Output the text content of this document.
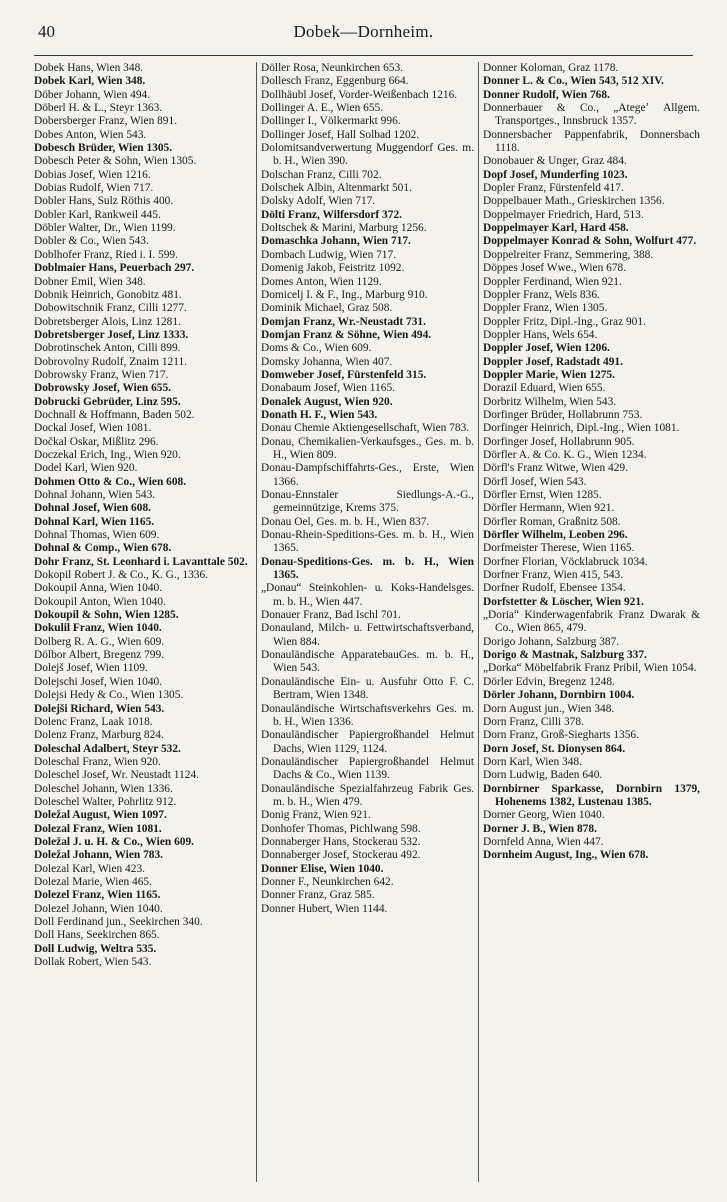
40	Dobek—Dornheim.

Dobek Hans, Wien 348.

Dobek Karl, Wien 348.

Döber Johann, Wien 494.

Döberl H. & L., Steyr 1363.

Dobersberger Franz, Wien 891.

Dobes Anton, Wien 543.

Dobesch Brüder, Wien 1305.

Dobesch Peter & Sohn, Wien 1305.

Dobias Josef, Wien 1216.

Dobias Rudolf, Wien 717.

Dobler Hans, Sulz Röthis 400.

Dobler Karl, Rankweil 445.

Döbler Walter, Dr., Wien 1199.

Dobler & Co., Wien 543.

Doblhofer Franz, Ried i. I. 599.

Doblmaier Hans, Peuerbach 297.

Dobner Emil, Wien 348.

Dobnik Heinrich, Gonobitz 481.

Dobowitschnik Franz, Cilli 1277.

Dobretsberger Alois, Linz 1281.

Dobretsberger Josef, Linz 1333.

Dobrotinschek Anton, Cilli 899.

Dobrovolny Rudolf, Znaim 1211.

Dobrowsky Franz, Wien 717.

Dobrowsky Josef, Wien 655.

Dobrucki Gebrüder, Linz 595.

Dochnall & Hoffmann, Baden 502.

Dockal Josef, Wien 1081.

Dočkal Oskar, Mißlitz 296.

Doczekal Erich, Ing., Wien 920.

Dodel Karl, Wien 920.

Dohmen Otto & Co., Wien 608.

Dohnal Johann, Wien 543.

Dohnal Josef, Wien 608.

Dohnal Karl, Wien 1165.

Dohnal Thomas, Wien 609.

Dohnal & Comp., Wien 678.

Dohr Franz, St. Leonhard i. Lavanttale 502.

Dokopil Robert J. & Co., K. G., 1336.

Dokoupil Anna, Wien 1040.

Dokoupil Anton, Wien 1040.

Dokoupil & Sohn, Wien 1285.

Dokulil Franz, Wien 1040.

Dolberg R. A. G., Wien 609.

Dölbor Albert, Bregenz 799.

Dolejš Josef, Wien 1109.

Dolejschi Josef, Wien 1040.

Dolejsi Hedy & Co., Wien 1305.

Dolejši Richard, Wien 543.

Dolenc Franz, Laak 1018.

Dolenz Franz, Marburg 824.

Doleschal Adalbert, Steyr 532.

Doleschal Franz, Wien 920.

Doleschel Josef, Wr. Neustadt 1124.

Doleschel Johann, Wien 1336.

Doleschel Walter, Pohrlitz 912.

Doležal August, Wien 1097.

Dolezal Franz, Wien 1081.

Doležal J. u. H. & Co., Wien 609.

Doležal Johann, Wien 783.

Dolezal Karl, Wien 423.

Dolezal Marie, Wien 465.

Dolezel Franz, Wien 1165.

Dolezel Johann, Wien 1040.

Doll Ferdinand jun., Seekirchen 340.

Doll Hans, Seekirchen 865.

Doll Ludwig, Weltra 535.

Dollak Robert, Wien 543.

Döller Rosa, Neunkirchen 653.

Dollesch Franz, Eggenburg 664.

Dollhäubl Josef, Vorder-Weißenbach 1216.

Dollinger A. E., Wien 655.

Dollinger I., Völkermarkt 996.

Dollinger Josef, Hall Solbad 1202.

Dolomitsandverwertung Muggendorf Ges. m. b. H., Wien 390.

Dolschan Franz, Cilli 702.

Dolschek Albin, Altenmarkt 501.

Dolsky Adolf, Wien 717.

Dölti Franz, Wilfersdorf 372.

Doltschek & Marini, Marburg 1256.

Domaschka Johann, Wien 717.

Dombach Ludwig, Wien 717.

Domenig Jakob, Feistritz 1092.

Domes Anton, Wien 1129.

Domicelj I. & F., Ing., Marburg 910.

Dominik Michael, Graz 508.

Domjan Franz, Wr.-Neustadt 731.

Domjan Franz & Söhne, Wien 494.

Doms & Co., Wien 609.

Domsky Johanna, Wien 407.

Domweber Josef, Fürstenfeld 315.

Donabaum Josef, Wien 1165.

Donalek August, Wien 920.

Donath H. F., Wien 543.

Donau Chemie Aktiengesellschaft, Wien 783.

Donau, Chemikalien-Verkaufsges., Ges. m. b. H., Wien 809.

Donau-Dampfschiffahrts-Ges., Erste, Wien 1366.

Donau-Ennstaler Siedlungs-A.-G., gemeinnützige, Krems 375.

Donau Oel, Ges. m. b. H., Wien 837.

Donau-Rhein-Speditions-Ges. m. b. H., Wien 1365.

Donau-Speditions-Ges. m. b. H., Wien 1365.

„Donau“ Steinkohlen- u. Koks-Handelsges. m. b. H., Wien 447.

Donauer Franz, Bad Ischl 701.

Donauland, Milch- u. Fettwirtschaftsverband, Wien 884.

Donauländische ApparatebauGes. m. b. H., Wien 543.

Donauländische Ein- u. Ausfuhr Otto F. C. Bertram, Wien 1348.

Donauländische Wirtschaftsverkehrs Ges. m. b. H., Wien 1336.

Donauländischer Papiergroßhandel Helmut Dachs, Wien 1129, 1124.

Donauländischer Papiergroßhandel Helmut Dachs & Co., Wien 1139.

Donauländische Spezialfahrzeug Fabrik Ges. m. b. H., Wien 479.

Donig Franz, Wien 921.

Donhofer Thomas, Pichlwang 598.

Donnaberger Hans, Stockerau 532.

Donnaberger Josef, Stockerau 492.

Donner Elise, Wien 1040.

Donner F., Neunkirchen 642.

Donner Franz, Graz 585.

Donner Hubert, Wien 1144.

Donner Koloman, Graz 1178.

Donner L. & Co., Wien 543, 512 XIV.

Donner Rudolf, Wien 768.

Donnerbauer & Co., „Ategeʼ Allgem. Transportges., Innsbruck 1357.

Donnersbacher Pappenfabrik, Donnersbach 1118.

Donobauer & Unger, Graz 484.

Dopf Josef, Munderfing 1023.

Dopler Franz, Fürstenfeld 417.

Doppelbauer Math., Grieskirchen 1356.

Doppelmayer Friedrich, Hard, 513.

Doppelmayer Karl, Hard 458.

Doppelmayer Konrad & Sohn, Wolfurt 477.

Doppelreiter Franz, Semmering, 388.

Döppes Josef Wwe., Wien 678.

Doppler Ferdinand, Wien 921.

Doppler Franz, Wels 836.

Doppler Franz, Wien 1305.

Doppler Fritz, Dipl.-Ing., Graz 901.

Doppler Hans, Wels 654.

Doppler Josef, Wien 1206.

Doppler Josef, Radstadt 491.

Doppler Marie, Wien 1275.

Dorazil Eduard, Wien 655.

Dorbritz Wilhelm, Wien 543.

Dorfinger Brüder, Hollabrunn 753.

Dorfinger Heinrich, Dipl.-Ing., Wien 1081.

Dorfinger Josef, Hollabrunn 905.

Dörfler A. & Co. K. G., Wien 1234.

Dörfl's Franz Witwe, Wien 429.

Dörfl Josef, Wien 543.

Dörfler Ernst, Wien 1285.

Dörfler Hermann, Wien 921.

Dörfler Roman, Graßnitz 508.

Dörfler Wilhelm, Leoben 296.

Dorfmeister Therese, Wien 1165.

Dorfner Florian, Vöcklabruck 1034.

Dorfner Franz, Wien 415, 543.

Dorfner Rudolf, Ebensee 1354.

Dorfstetter & Löscher, Wien 921.

„Doria“ Kinderwagenfabrik Franz Dwarak & Co., Wien 865, 479.

Dorigo Johann, Salzburg 387.

Dorigo & Mastnak, Salzburg 337.

„Dorka“ Möbelfabrik Franz Pribil, Wien 1054.

Dörler Edvin, Bregenz 1248.

Dörler Johann, Dornbirn 1004.

Dorn August jun., Wien 348.

Dorn Franz, Cilli 378.

Dorn Franz, Groß-Siegharts 1356.

Dorn Josef, St. Dionysen 864.

Dorn Karl, Wien 348.

Dorn Ludwig, Baden 640.

Dornbirner Sparkasse, Dornbirn 1379, Hohenems 1382, Lustenau 1385.

Dorner Georg, Wien 1040.

Dorner J. B., Wien 878.

Dornfeld Anna, Wien 447.

Dornheim August, Ing., Wien 678.
